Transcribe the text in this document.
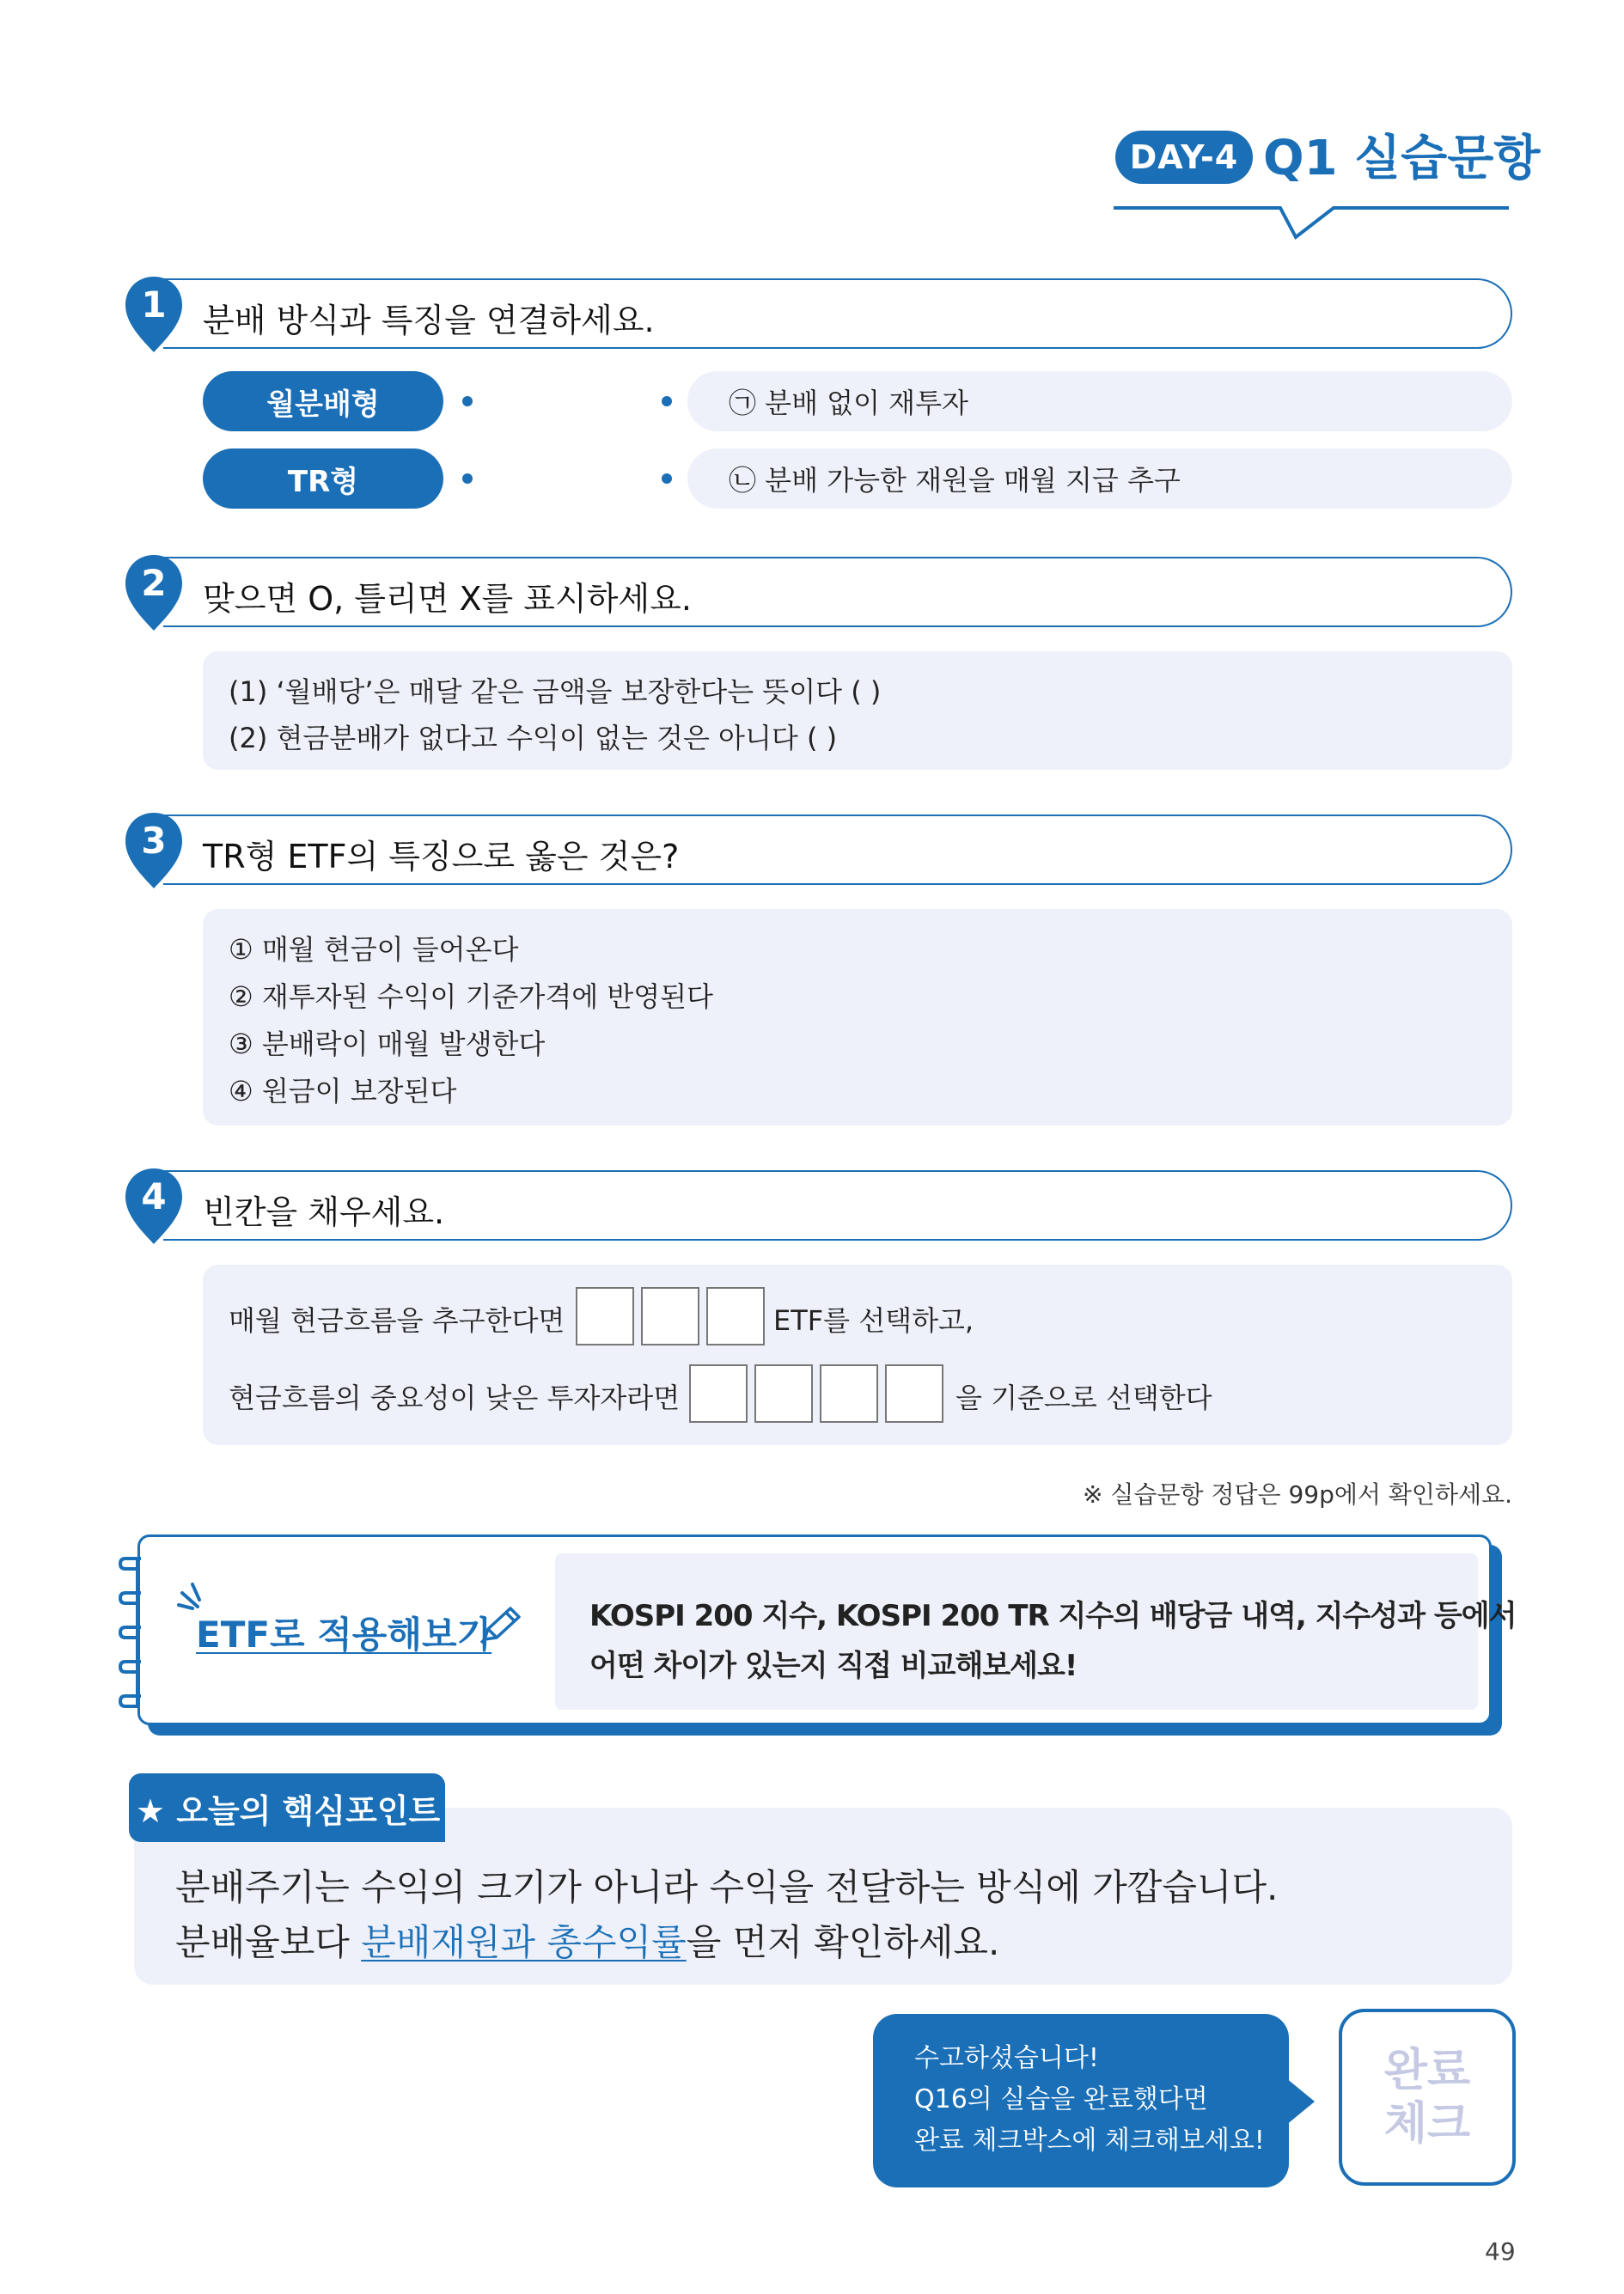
DAY-4 Q1 실습문항
1	분배 방식과 특징을 연결하세요.
월분배형
TR형
㉠ 분배 없이 재투자
㉡ 분배 가능한 재원을 매월 지급 추구
2	맞으면 O, 틀리면 X를 표시하세요.
(1) ‘월배당’은 매달 같은 금액을 보장한다는 뜻이다 ( )
(2) 현금분배가 없다고 수익이 없는 것은 아니다 ( )
3	TR형 ETF의 특징으로 옳은 것은?
① 매월 현금이 들어온다
② 재투자된 수익이 기준가격에 반영된다
③ 분배락이 매월 발생한다
④ 원금이 보장된다
4	빈칸을 채우세요.
매월 현금흐름을 추구한다면	ETF를 선택하고,
현금흐름의 중요성이 낮은 투자자라면	을 기준으로 선택한다
※ 실습문항 정답은 99p에서 확인하세요.
ETF로 적용해보기	KOSPI 200 지수, KOSPI 200 TR 지수의 배당금 내역, 지수성과 등에서
어떤 차이가 있는지 직접 비교해보세요!
★ 오늘의 핵심포인트
분배주기는 수익의 크기가 아니라 수익을 전달하는 방식에 가깝습니다.
분배율보다 분배재원과 총수익률을 먼저 확인하세요.
수고하셨습니다!
Q16의 실습을 완료했다면
완료 체크박스에 체크해보세요!
완료
체크
49
